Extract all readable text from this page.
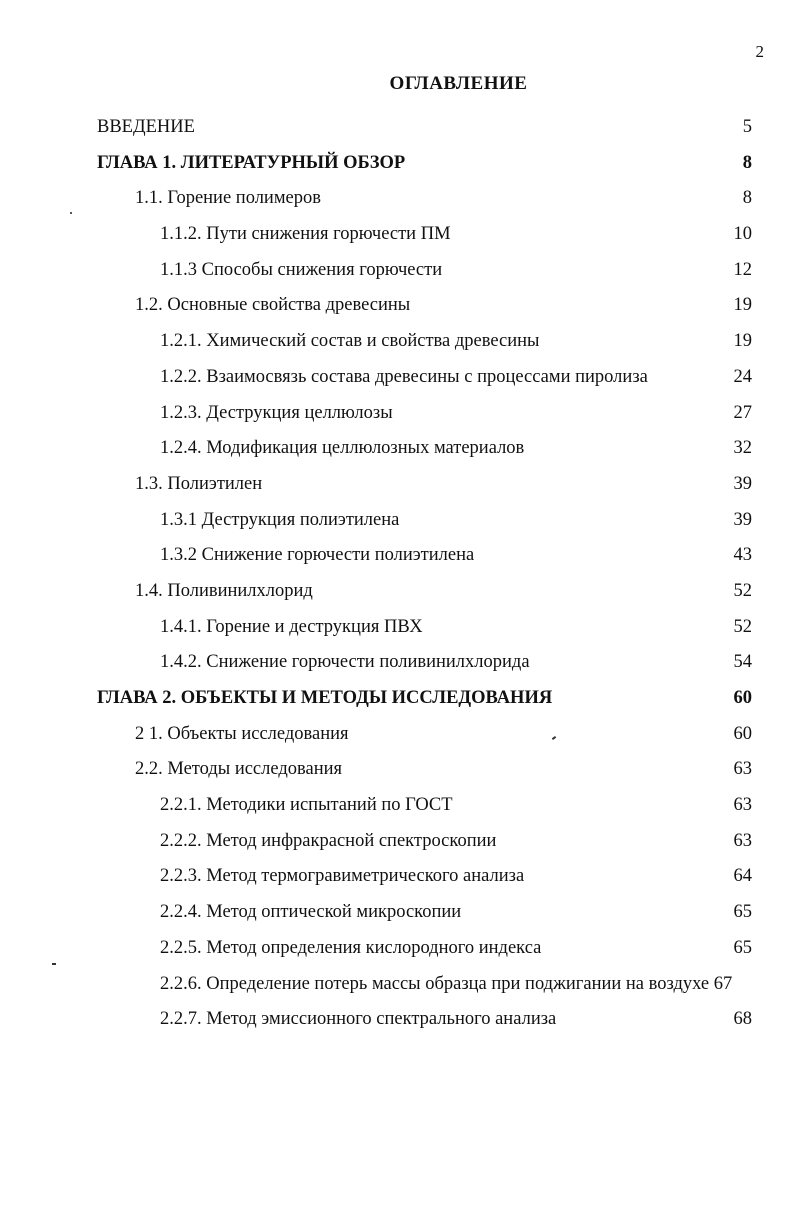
2
ОГЛАВЛЕНИЕ
ВВЕДЕНИЕ	5
ГЛАВА 1. ЛИТЕРАТУРНЫЙ ОБЗОР	8
1.1. Горение полимеров	8
1.1.2. Пути снижения горючести ПМ	10
1.1.3 Способы снижения горючести	12
1.2. Основные свойства древесины	19
1.2.1. Химический состав и свойства древесины	19
1.2.2. Взаимосвязь состава древесины с процессами пиролиза	24
1.2.3. Деструкция целлюлозы	27
1.2.4. Модификация целлюлозных материалов	32
1.3. Полиэтилен	39
1.3.1 Деструкция полиэтилена	39
1.3.2 Снижение горючести полиэтилена	43
1.4. Поливинилхлорид	52
1.4.1. Горение и деструкция ПВХ	52
1.4.2. Снижение горючести поливинилхлорида	54
ГЛАВА 2. ОБЪЕКТЫ И МЕТОДЫ ИССЛЕДОВАНИЯ	60
2 1. Объекты исследования	60
2.2. Методы исследования	63
2.2.1. Методики испытаний по ГОСТ	63
2.2.2. Метод инфракрасной спектроскопии	63
2.2.3. Метод термогравиметрического анализа	64
2.2.4. Метод оптической микроскопии	65
2.2.5. Метод определения кислородного индекса	65
2.2.6. Определение потерь массы образца при поджигании на воздухе 67
2.2.7. Метод эмиссионного спектрального анализа	68
